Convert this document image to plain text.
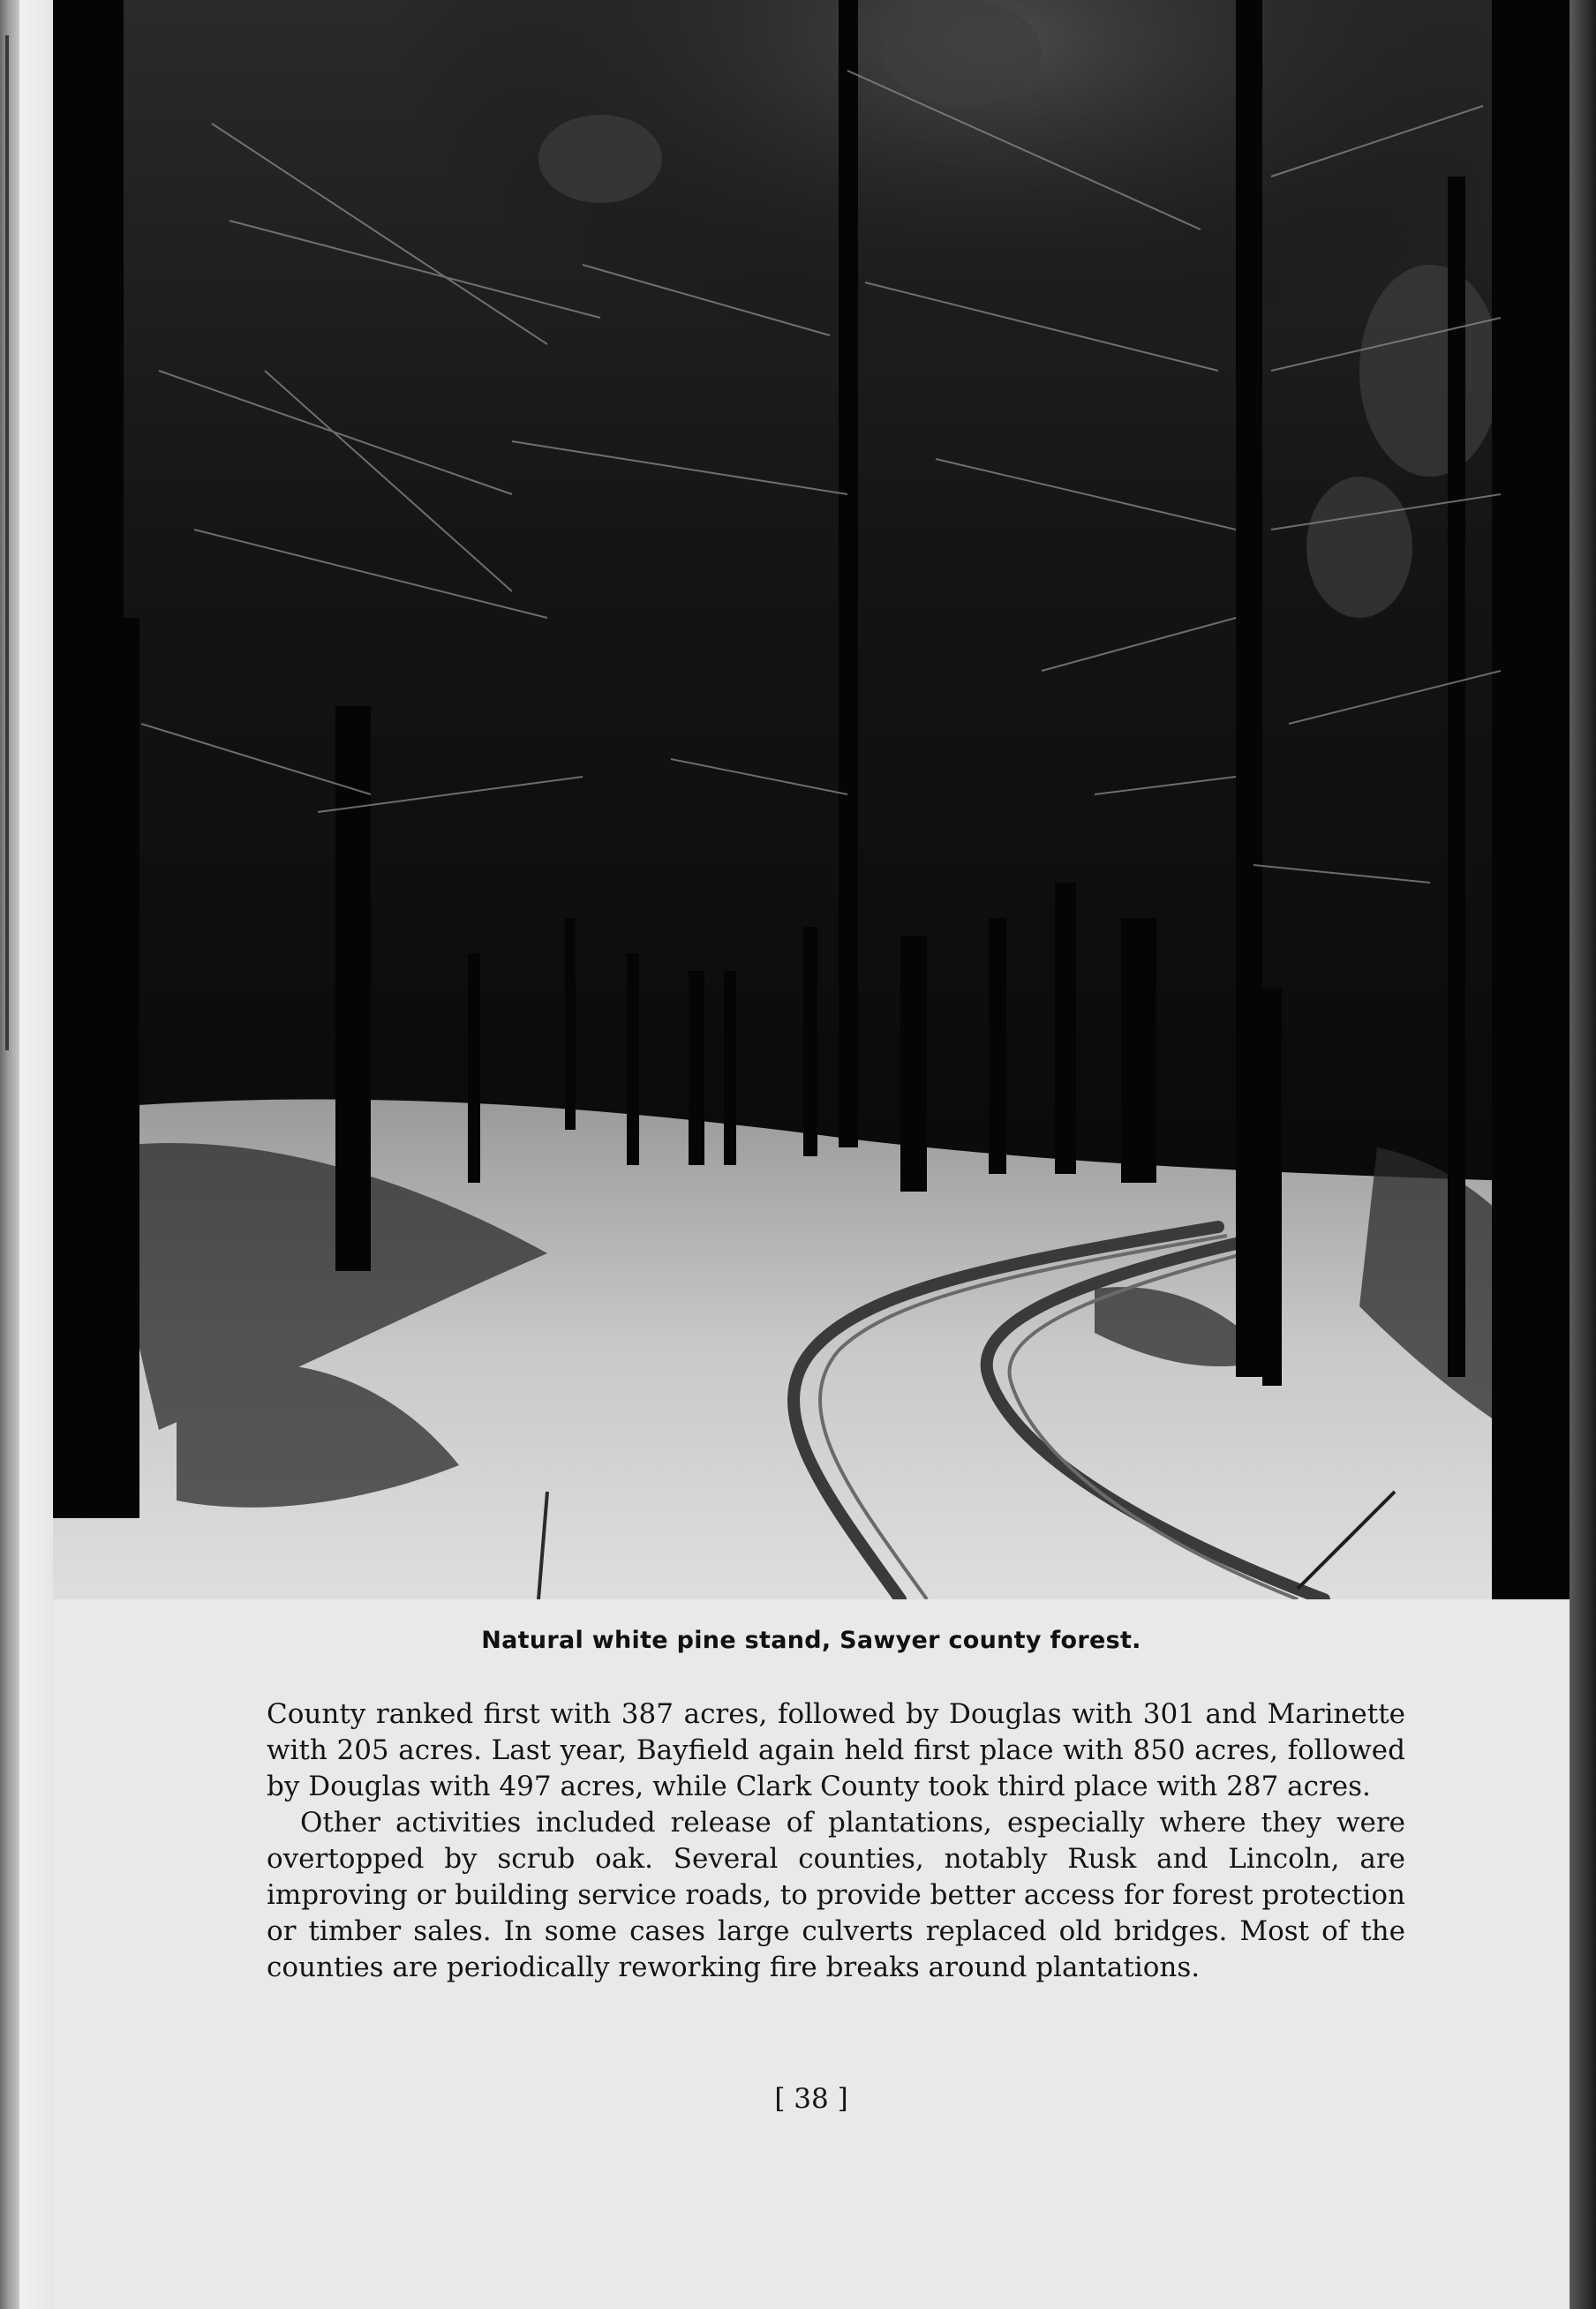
Natural white pine stand, Sawyer county forest.

County ranked first with 387 acres, followed by Douglas with 301 and Marinette with 205 acres. Last year, Bayfield again held first place with 850 acres, followed by Douglas with 497 acres, while Clark County took third place with 287 acres.

Other activities included release of plantations, especially where they were overtopped by scrub oak. Several counties, notably Rusk and Lincoln, are improving or building service roads, to provide better access for forest protection or timber sales. In some cases large culverts replaced old bridges. Most of the counties are periodically reworking fire breaks around plantations.

[ 38 ]
